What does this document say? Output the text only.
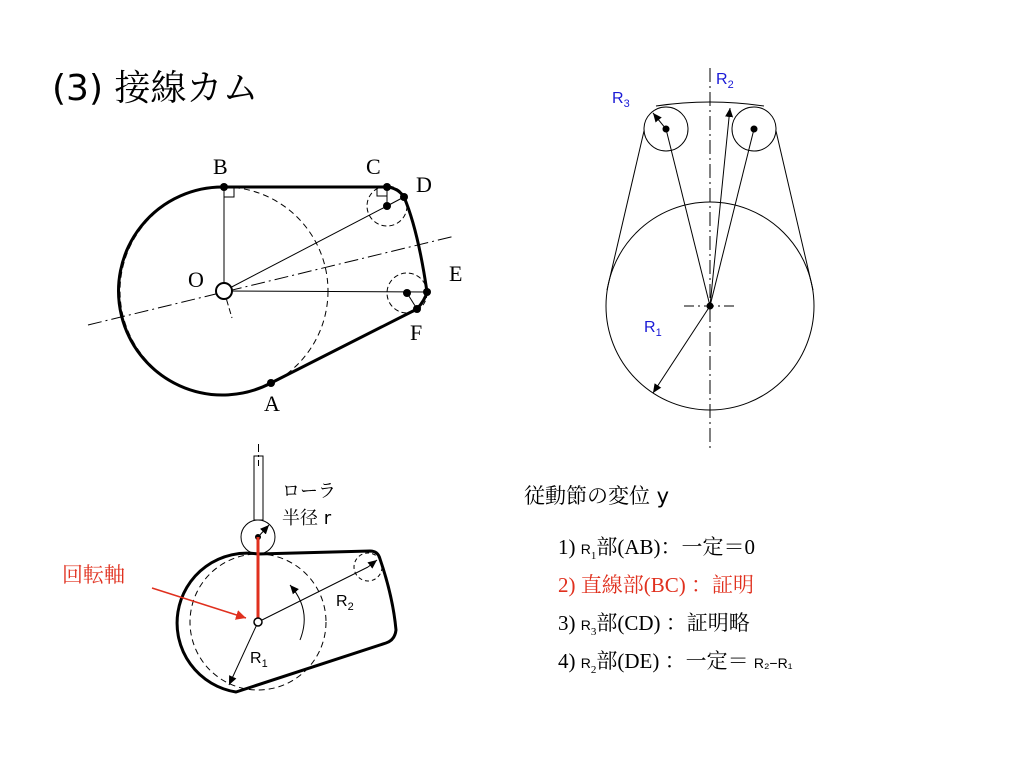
(3) 接線カム
B	C
D
O	E
F
A
$R_2$
$R_3$
$R_1$
$R_2$
$R_1$
ローラ
半径 r
回転軸
従動節の変位 y
1) $R_1$部(AB)：一定＝0
2) 直線部(BC) ：証明
3) $R_3$部(CD) ：証明略
4) $R_2$部(DE) ：一定＝ R₂−R₁
